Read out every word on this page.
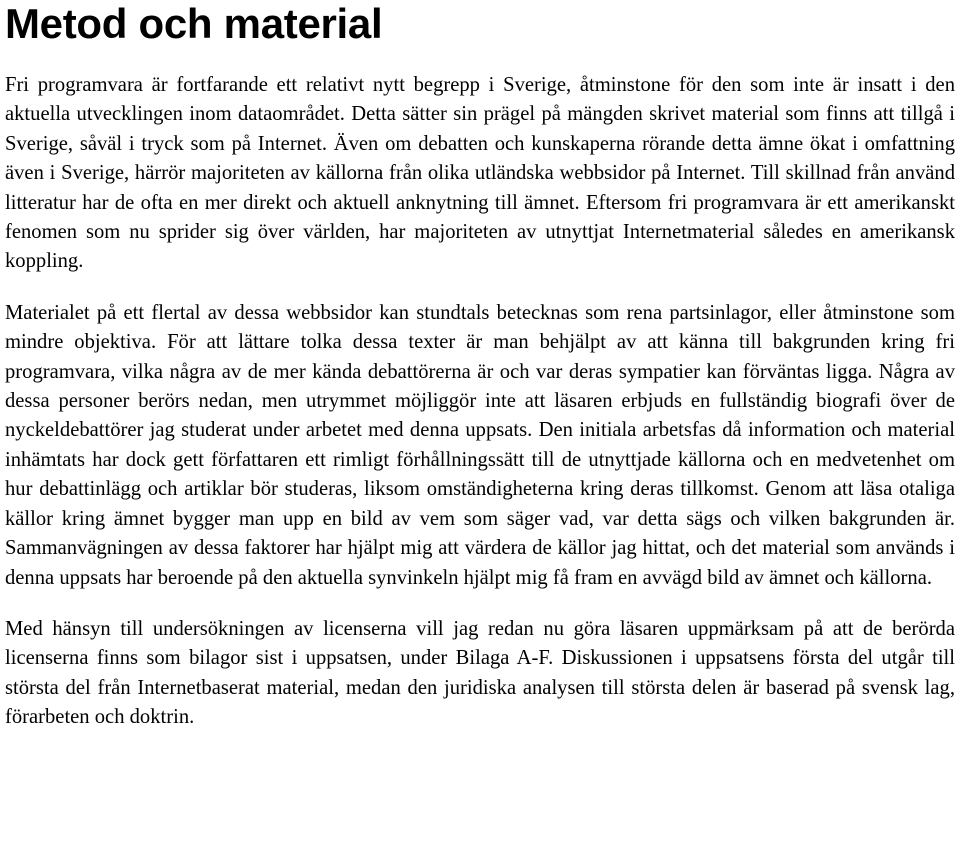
Metod och material

Fri programvara är fortfarande ett relativt nytt begrepp i Sverige, åtminstone för den som inte är insatt i den aktuella utvecklingen inom dataområdet. Detta sätter sin prägel på mängden skrivet material som finns att tillgå i Sverige, såväl i tryck som på Internet. Även om debatten och kunskaperna rörande detta ämne ökat i omfattning även i Sverige, härrör majoriteten av källorna från olika utländska webbsidor på Internet. Till skillnad från använd litteratur har de ofta en mer direkt och aktuell anknytning till ämnet. Eftersom fri programvara är ett amerikanskt fenomen som nu sprider sig över världen, har majoriteten av utnyttjat Internetmaterial således en amerikansk koppling.

Materialet på ett flertal av dessa webbsidor kan stundtals betecknas som rena partsinlagor, eller åtminstone som mindre objektiva. För att lättare tolka dessa texter är man behjälpt av att känna till bakgrunden kring fri programvara, vilka några av de mer kända debattörerna är och var deras sympatier kan förväntas ligga. Några av dessa personer berörs nedan, men utrymmet möjliggör inte att läsaren erbjuds en fullständig biografi över de nyckeldebattörer jag studerat under arbetet med denna uppsats. Den initiala arbetsfas då information och material inhämtats har dock gett författaren ett rimligt förhållningssätt till de utnyttjade källorna och en medvetenhet om hur debattinlägg och artiklar bör studeras, liksom omständigheterna kring deras tillkomst. Genom att läsa otaliga källor kring ämnet bygger man upp en bild av vem som säger vad, var detta sägs och vilken bakgrunden är. Sammanvägningen av dessa faktorer har hjälpt mig att värdera de källor jag hittat, och det material som används i denna uppsats har beroende på den aktuella synvinkeln hjälpt mig få fram en avvägd bild av ämnet och källorna.

Med hänsyn till undersökningen av licenserna vill jag redan nu göra läsaren uppmärksam på att de berörda licenserna finns som bilagor sist i uppsatsen, under Bilaga A-F. Diskussionen i uppsatsens första del utgår till största del från Internetbaserat material, medan den juridiska analysen till största delen är baserad på svensk lag, förarbeten och doktrin.
